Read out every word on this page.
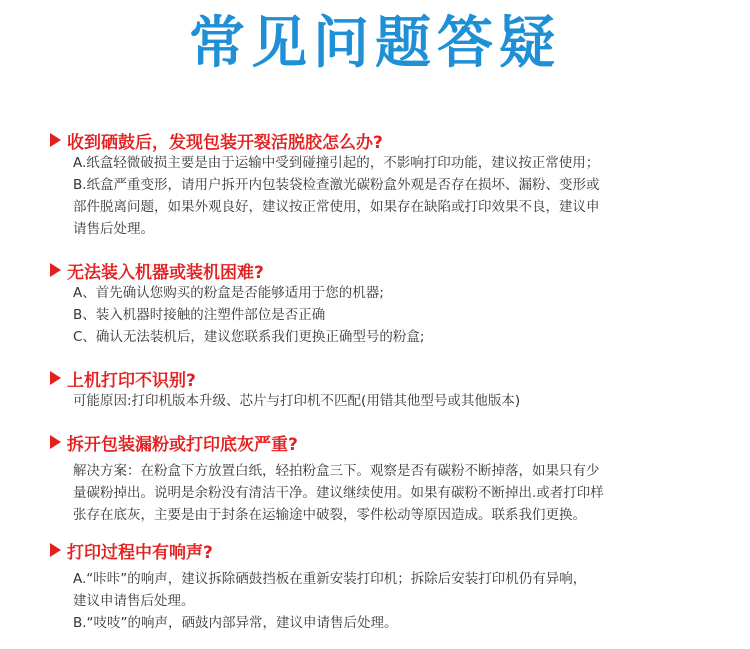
常见问题答疑
收到硒鼓后，发现包装开裂活脱胶怎么办?

A.纸盒轻微破损主要是由于运输中受到碰撞引起的，不影响打印功能，建议按正常使用；

B.纸盒严重变形，请用户拆开内包装袋检查激光碳粉盒外观是否存在损坏、漏粉、变形或

部件脱离问题，如果外观良好，建议按正常使用，如果存在缺陷或打印效果不良，建议申

请售后处理。

无法装入机器或装机困难?

A、首先确认您购买的粉盒是否能够适用于您的机器;

B、装入机器时接触的注塑件部位是否正确

C、确认无法装机后，建议您联系我们更换正确型号的粉盒;

上机打印不识别?

可能原因:打印机版本升级、芯片与打印机不匹配(用错其他型号或其他版本)

拆开包装漏粉或打印底灰严重?

解决方案：在粉盒下方放置白纸，轻拍粉盒三下。观察是否有碳粉不断掉落，如果只有少

量碳粉掉出。说明是余粉没有清洁干净。建议继续使用。如果有碳粉不断掉出.或者打印样

张存在底灰，主要是由于封条在运输途中破裂，零件松动等原因造成。联系我们更换。

打印过程中有响声?

A.“咔咔”的响声，建议拆除硒鼓挡板在重新安装打印机；拆除后安装打印机仍有异响，

建议申请售后处理。

B.“吱吱”的响声，硒鼓内部异常，建议申请售后处理。
